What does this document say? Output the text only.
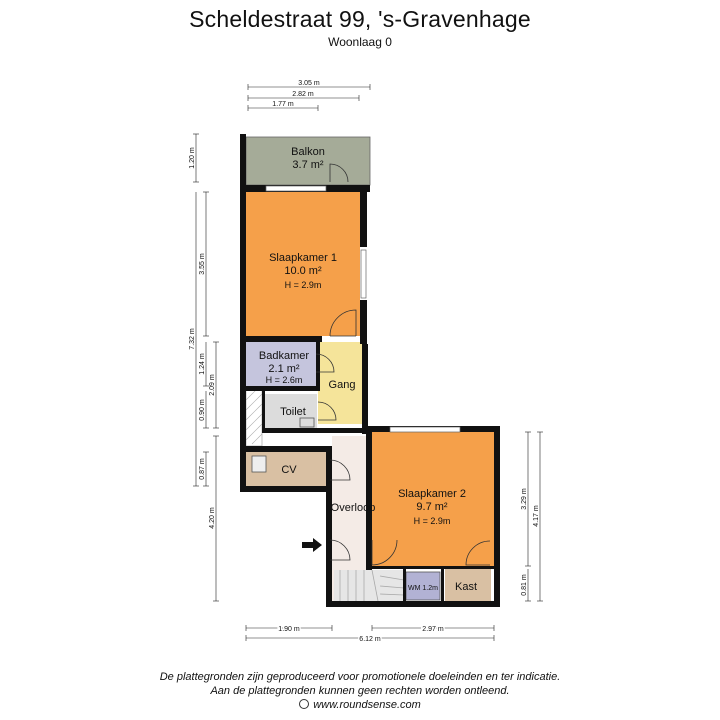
Scheldestraat 99, 's-Gravenhage
Woonlaag 0
Balkon
3.7 m²
Slaapkamer 1
10.0 m²
H = 2.9m
Badkamer
2.1 m²
H = 2.6m Gang
Toilet
CV
Overloop
Slaapkamer 2
9.7 m²
H = 2.9m
Kast
WM 1.2m
3.05 m
2.82 m
1.77 m
1.20 m
3.55 m
7.32 m
1.24 m
2.09 m
0.90 m
0.87 m
4.20 m
3.29 m
4.17 m
0.81 m
1.90 m	2.97 m
6.12 m
De plattegronden zijn geproduceerd voor promotionele doeleinden en ter indicatie.
Aan de plattegronden kunnen geen rechten worden ontleend.
www.roundsense.com
